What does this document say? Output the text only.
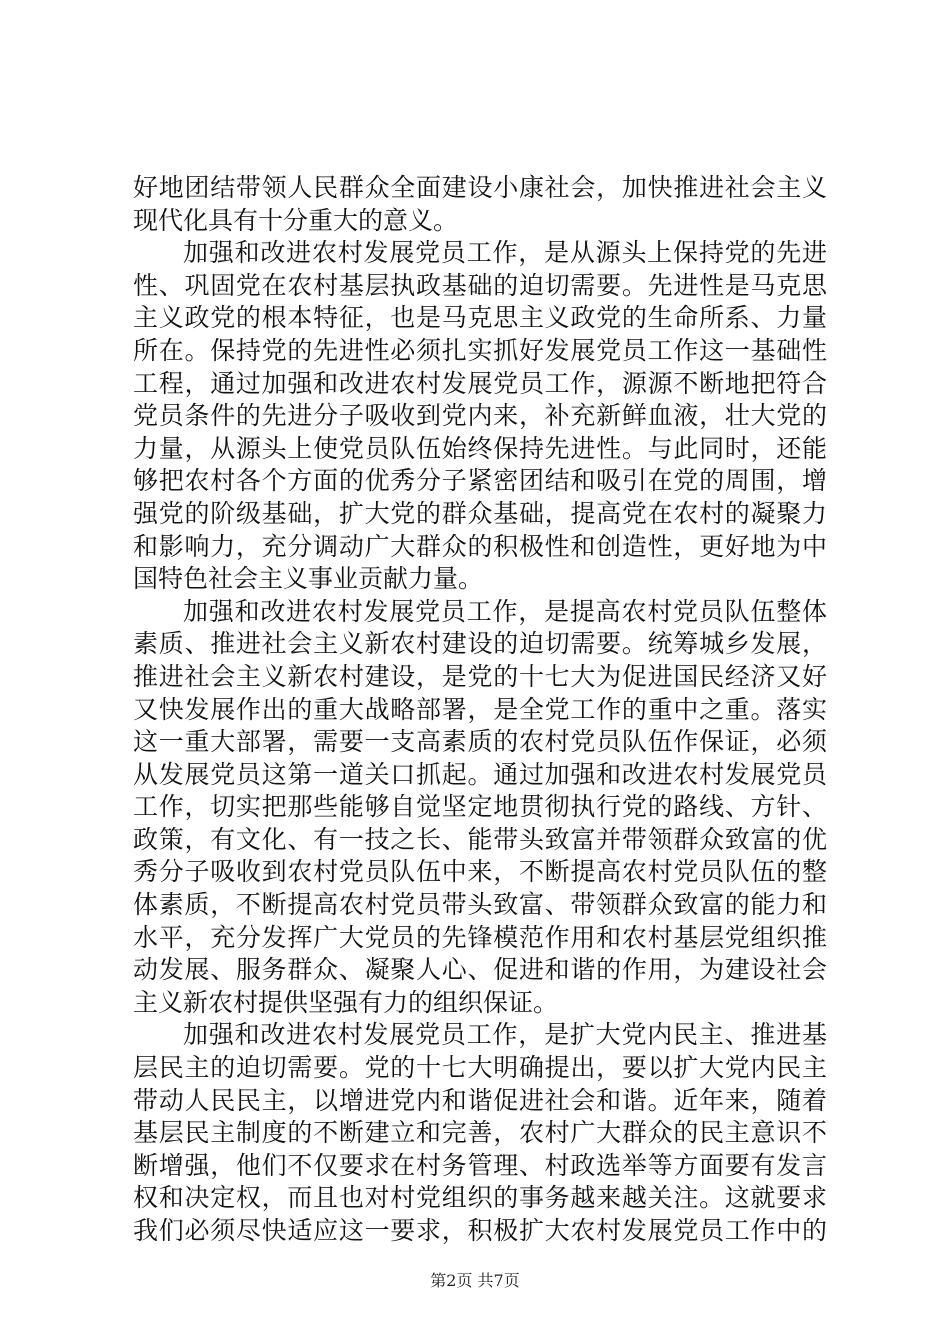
好地团结带领人民群众全面建设小康社会，加快推进社会主义
现代化具有十分重大的意义。
加强和改进农村发展党员工作，是从源头上保持党的先进
性、巩固党在农村基层执政基础的迫切需要。先进性是马克思
主义政党的根本特征，也是马克思主义政党的生命所系、力量
所在。保持党的先进性必须扎实抓好发展党员工作这一基础性
工程，通过加强和改进农村发展党员工作，源源不断地把符合
党员条件的先进分子吸收到党内来，补充新鲜血液，壮大党的
力量，从源头上使党员队伍始终保持先进性。与此同时，还能
够把农村各个方面的优秀分子紧密团结和吸引在党的周围，增
强党的阶级基础，扩大党的群众基础，提高党在农村的凝聚力
和影响力，充分调动广大群众的积极性和创造性，更好地为中
国特色社会主义事业贡献力量。
加强和改进农村发展党员工作，是提高农村党员队伍整体
素质、推进社会主义新农村建设的迫切需要。统筹城乡发展，
推进社会主义新农村建设，是党的十七大为促进国民经济又好
又快发展作出的重大战略部署，是全党工作的重中之重。落实
这一重大部署，需要一支高素质的农村党员队伍作保证，必须
从发展党员这第一道关口抓起。通过加强和改进农村发展党员
工作，切实把那些能够自觉坚定地贯彻执行党的路线、方针、
政策，有文化、有一技之长、能带头致富并带领群众致富的优
秀分子吸收到农村党员队伍中来，不断提高农村党员队伍的整
体素质，不断提高农村党员带头致富、带领群众致富的能力和
水平，充分发挥广大党员的先锋模范作用和农村基层党组织推
动发展、服务群众、凝聚人心、促进和谐的作用，为建设社会
主义新农村提供坚强有力的组织保证。
加强和改进农村发展党员工作，是扩大党内民主、推进基
层民主的迫切需要。党的十七大明确提出，要以扩大党内民主
带动人民民主，以增进党内和谐促进社会和谐。近年来，随着
基层民主制度的不断建立和完善，农村广大群众的民主意识不
断增强，他们不仅要求在村务管理、村政选举等方面要有发言
权和决定权，而且也对村党组织的事务越来越关注。这就要求
我们必须尽快适应这一要求，积极扩大农村发展党员工作中的
第2页 共7页
